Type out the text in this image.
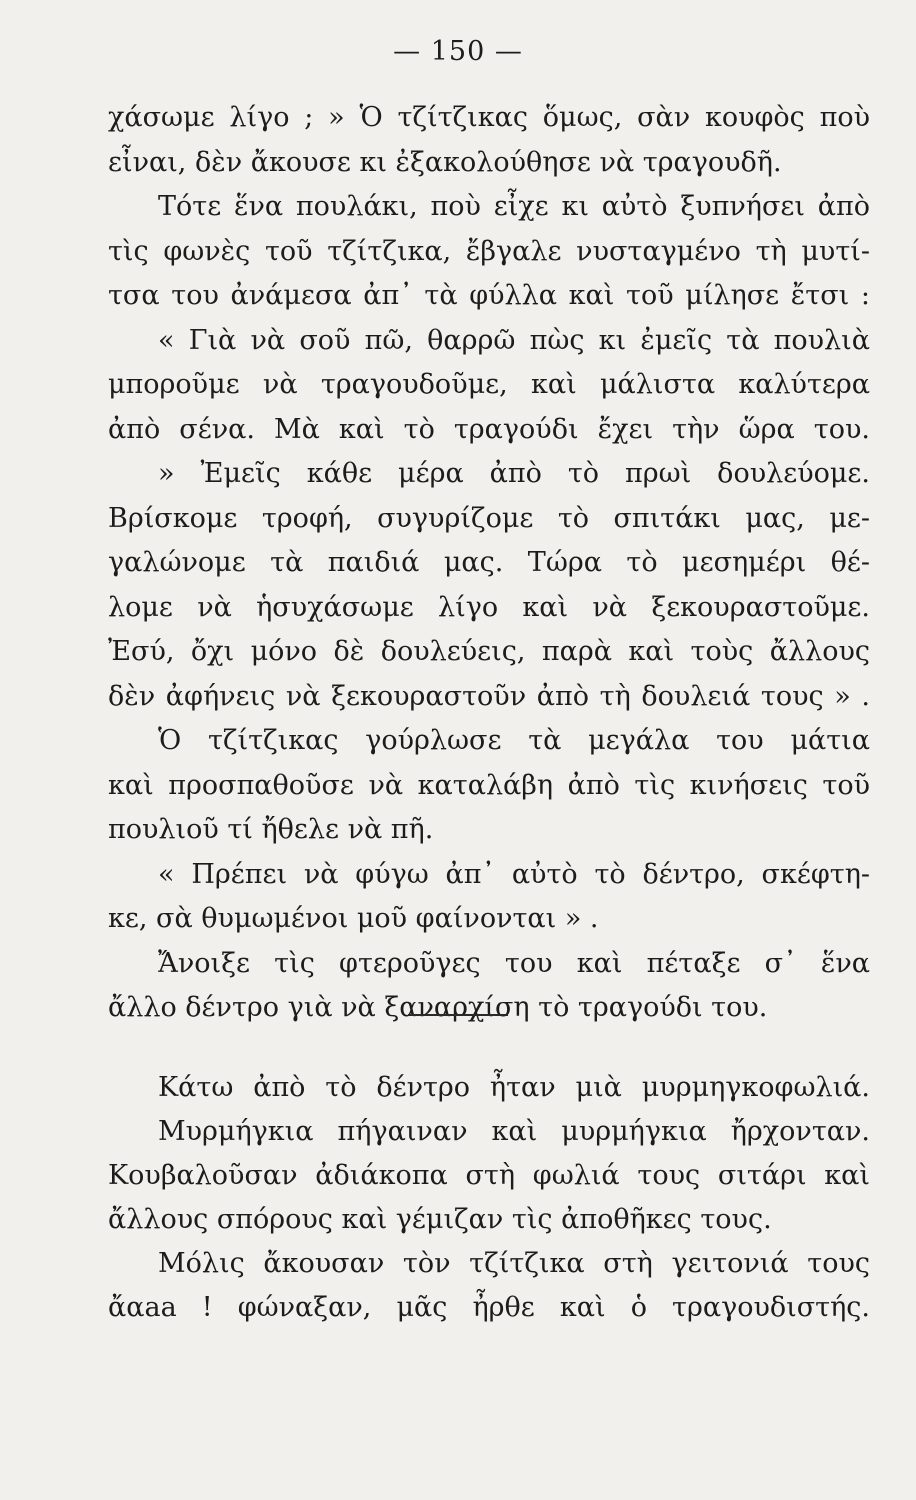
— 150 —
χάσωμε λίγο ; » Ὁ τζίτζικας ὅμως, σὰν κουφὸς ποὺ
εἶναι, δὲν ἄκουσε κι ἐξακολούθησε νὰ τραγουδῆ.
Τότε ἕνα πουλάκι, ποὺ εἶχε κι αὐτὸ ξυπνήσει ἀπὸ
τὶς φωνὲς τοῦ τζίτζικα, ἔβγαλε νυσταγμένο τὴ μυτί-
τσα του ἀνάμεσα ἀπ᾿ τὰ φύλλα καὶ τοῦ μίλησε ἔτσι :
« Γιὰ νὰ σοῦ πῶ, θαρρῶ πὼς κι ἐμεῖς τὰ πουλιὰ
μποροῦμε νὰ τραγουδοῦμε, καὶ μάλιστα καλύτερα
ἀπὸ σένα. Μὰ καὶ τὸ τραγούδι ἔχει τὴν ὥρα του.
» Ἐμεῖς κάθε μέρα ἀπὸ τὸ πρωὶ δουλεύομε.
Βρίσκομε τροφή, συγυρίζομε τὸ σπιτάκι μας, με-
γαλώνομε τὰ παιδιά μας. Τώρα τὸ μεσημέρι θέ-
λομε νὰ ἡσυχάσωμε λίγο καὶ νὰ ξεκουραστοῦμε.
Ἐσύ, ὄχι μόνο δὲ δουλεύεις, παρὰ καὶ τοὺς ἄλλους
δὲν ἀφήνεις νὰ ξεκουραστοῦν ἀπὸ τὴ δουλειά τους » .
Ὁ τζίτζικας γούρλωσε τὰ μεγάλα του μάτια
καὶ προσπαθοῦσε νὰ καταλάβη ἀπὸ τὶς κινήσεις τοῦ
πουλιοῦ τί ἤθελε νὰ πῆ.
« Πρέπει νὰ φύγω ἀπ᾿ αὐτὸ τὸ δέντρο, σκέφτη-
κε, σὰ θυμωμένοι μοῦ φαίνονται » .
Ἄνοιξε τὶς φτεροῦγες του καὶ πέταξε σ᾿ ἕνα
ἄλλο δέντρο γιὰ νὰ ξαναρχίση τὸ τραγούδι του.
Κάτω ἀπὸ τὸ δέντρο ἦταν μιὰ μυρμηγκοφωλιά.
Μυρμήγκια πήγαιναν καὶ μυρμήγκια ἤρχονταν.
Κουβαλοῦσαν ἀδιάκοπα στὴ φωλιά τους σιτάρι καὶ
ἄλλους σπόρους καὶ γέμιζαν τὶς ἀποθῆκες τους.
Μόλις ἄκουσαν τὸν τζίτζικα στὴ γειτονιά τους
ἄαaa ! φώναξαν, μᾶς ἦρθε καὶ ὁ τραγουδιστής.
